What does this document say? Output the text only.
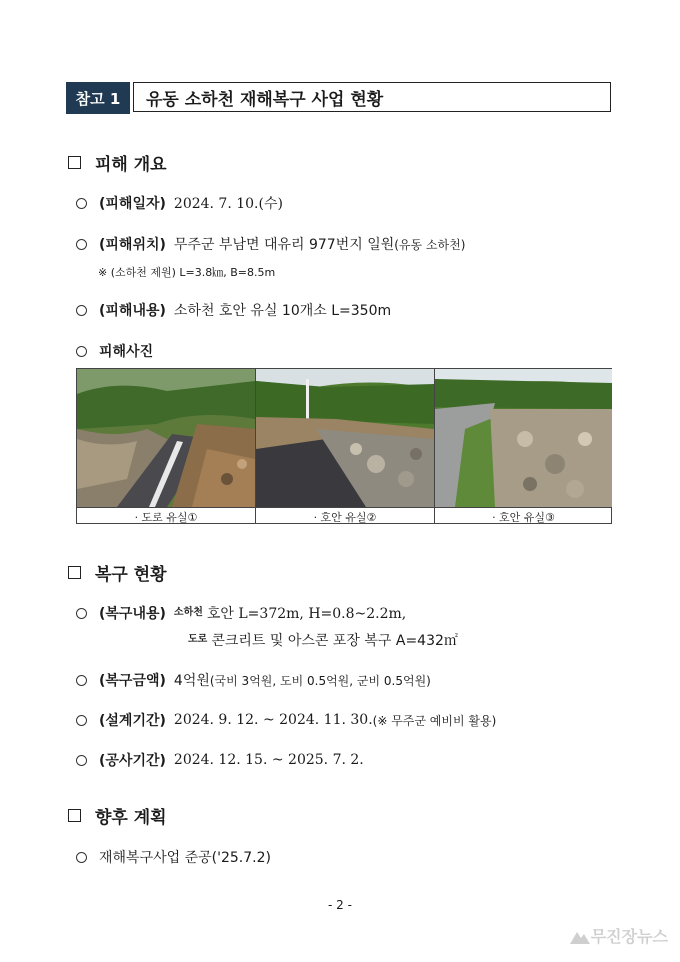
참고 1	유동 소하천 재해복구 사업 현황
피해 개요
(피해일자) 2024. 7. 10.(수)
(피해위치) 무주군 부남면 대유리 977번지 일원 (유동 소하천)
※ (소하천 제원) L=3.8㎞, B=8.5m
(피해내용) 소하천 호안 유실 10개소 L=350m
피해사진
· 도로 유실①	· 호안 유실②	· 호안 유실③
복구 현황
(복구내용) $^{소하천}$ 호안 L=372m, H=0.8~2.2m,
$^{도로}$ 콘크리트 및 아스콘 포장 복구 A=432㎡
(복구금액) 4억원 (국비 3억원, 도비 0.5억원, 군비 0.5억원)
(설계기간) 2024. 9. 12. ~ 2024. 11. 30. (※ 무주군 예비비 활용)
(공사기간) 2024. 12. 15. ~ 2025. 7. 2.
향후 계획
재해복구사업 준공('25.7.2)
- 2 -
무진장뉴스
